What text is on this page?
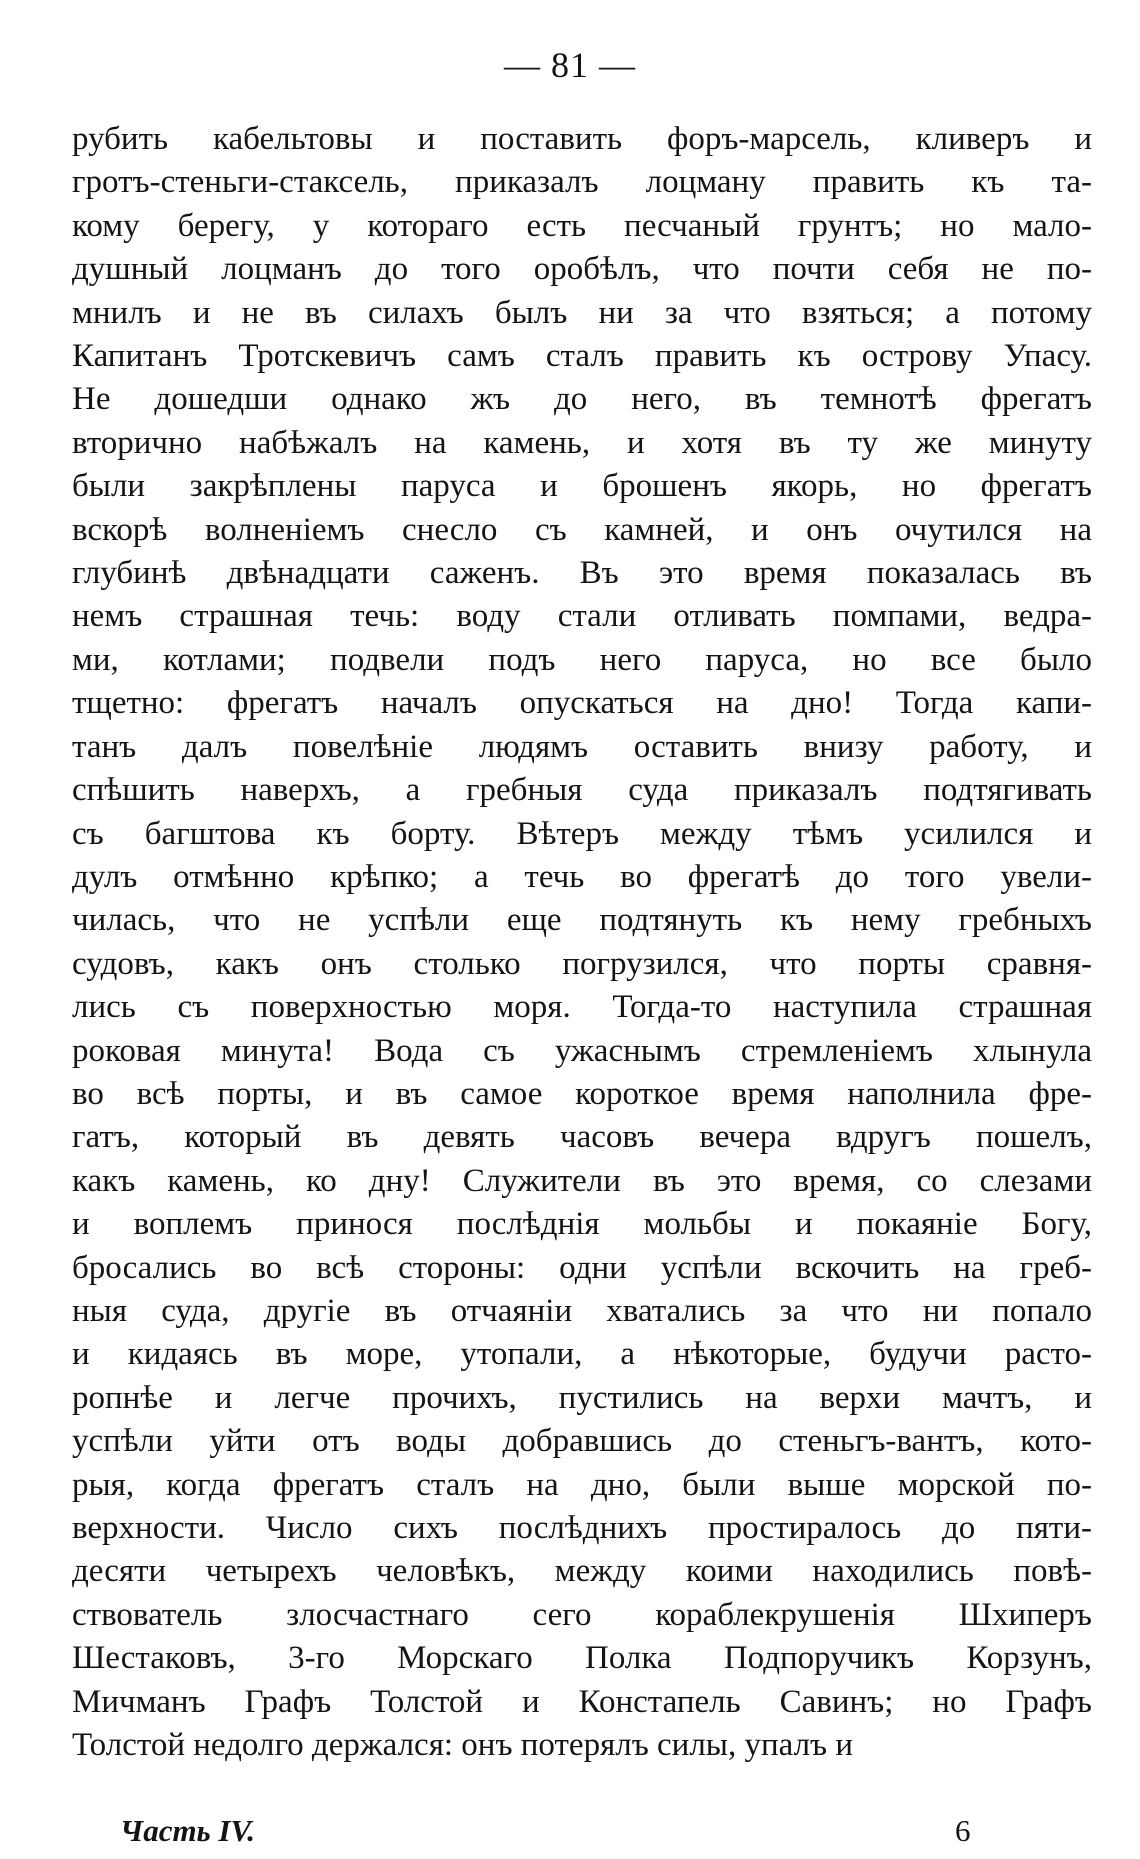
— 81 —
рубить кабельтовы и поставить форъ-марсель, кливеръ и
гротъ-стеньги-стаксель, приказалъ лоцману править къ та-
кому берегу, у котораго есть песчаный грунтъ; но мало-
душный лоцманъ до того оробѣлъ, что почти себя не по-
мнилъ и не въ силахъ былъ ни за что взяться; а потому
Капитанъ Тротскевичъ самъ сталъ править къ острову Упасу.
Не дошедши однако жъ до него, въ темнотѣ фрегатъ
вторично набѣжалъ на камень, и хотя въ ту же минуту
были закрѣплены паруса и брошенъ якорь, но фрегатъ
вскорѣ волненіемъ снесло съ камней, и онъ очутился на
глубинѣ двѣнадцати саженъ. Въ это время показалась въ
немъ страшная течь: воду стали отливать помпами, ведра-
ми, котлами; подвели подъ него паруса, но все было
тщетно: фрегатъ началъ опускаться на дно! Тогда капи-
танъ далъ повелѣніе людямъ оставить внизу работу, и
спѣшить наверхъ, а гребныя суда приказалъ подтягивать
съ багштова къ борту. Вѣтеръ между тѣмъ усилился и
дулъ отмѣнно крѣпко; а течь во фрегатѣ до того увели-
чилась, что не успѣли еще подтянуть къ нему гребныхъ
судовъ, какъ онъ столько погрузился, что порты сравня-
лись съ поверхностью моря. Тогда-то наступила страшная
роковая минута! Вода съ ужаснымъ стремленіемъ хлынула
во всѣ порты, и въ самое короткое время наполнила фре-
гатъ, который въ девять часовъ вечера вдругъ пошелъ,
какъ камень, ко дну! Служители въ это время, со слезами
и воплемъ принося послѣднія мольбы и покаяніе Богу,
бросались во всѣ стороны: одни успѣли вскочить на греб-
ныя суда, другіе въ отчаяніи хватались за что ни попало
и кидаясь въ море, утопали, а нѣкоторые, будучи расто-
ропнѣе и легче прочихъ, пустились на верхи мачтъ, и
успѣли уйти отъ воды добравшись до стеньгъ-вантъ, кото-
рыя, когда фрегатъ сталъ на дно, были выше морской по-
верхности. Число сихъ послѣднихъ простиралось до пяти-
десяти четырехъ человѣкъ, между коими находились повѣ-
ствователь злосчастнаго сего кораблекрушенія Шхиперъ
Шестаковъ, 3-го Морскаго Полка Подпоручикъ Корзунъ,
Мичманъ Графъ Толстой и Констапель Савинъ; но Графъ
Толстой недолго держался: онъ потерялъ силы, упалъ и
Часть IV.	6
